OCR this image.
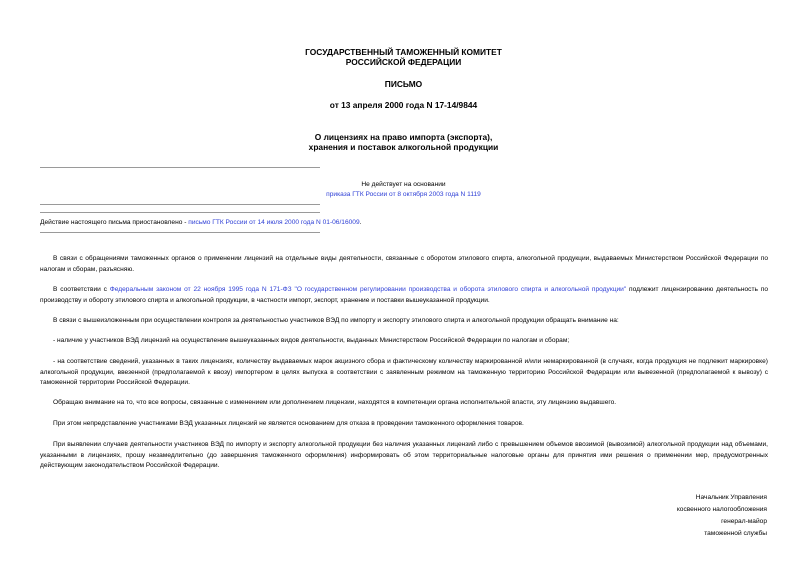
ГОСУДАРСТВЕННЫЙ ТАМОЖЕННЫЙ КОМИТЕТ
РОССИЙСКОЙ ФЕДЕРАЦИИ
ПИСЬМО
от 13 апреля 2000 года N 17-14/9844
О лицензиях на право импорта (экспорта),
хранения и поставок алкогольной продукции
Не действует на основании
приказа ГТК России от 8 октября 2003 года N 1119
Действие настоящего письма приостановлено - письмо ГТК России от 14 июля 2000 года N 01-06/16009.
В связи с обращениями таможенных органов о применении лицензий на отдельные виды деятельности, связанные с оборотом этилового спирта, алкогольной продукции, выдаваемых Министерством Российской Федерации по налогам и сборам, разъясняю.
В соответствии с Федеральным законом от 22 ноября 1995 года N 171-ФЗ "О государственном регулировании производства и оборота этилового спирта и алкогольной продукции" подлежит лицензированию деятельность по производству и обороту этилового спирта и алкогольной продукции, в частности импорт, экспорт, хранение и поставки вышеуказанной продукции.
В связи с вышеизложенным при осуществлении контроля за деятельностью участников ВЭД по импорту и экспорту этилового спирта и алкогольной продукции обращать внимание на:
- наличие у участников ВЭД лицензий на осуществление вышеуказанных видов деятельности, выданных Министерством Российской Федерации по налогам и сборам;
- на соответствие сведений, указанных в таких лицензиях, количеству выдаваемых марок акцизного сбора и фактическому количеству маркированной и/или немаркированной (в случаях, когда продукция не подлежит маркировке) алкогольной продукции, ввезенной (предполагаемой к ввозу) импортером в целях выпуска в соответствии с заявленным режимом на таможенную территорию Российской Федерации или вывезенной (предполагаемой к вывозу) с таможенной территории Российской Федерации.
Обращаю внимание на то, что все вопросы, связанные с изменением или дополнением лицензии, находятся в компетенции органа исполнительной власти, эту лицензию выдавшего.
При этом непредставление участниками ВЭД указанных лицензий не является основанием для отказа в проведении таможенного оформления товаров.
При выявлении случаев деятельности участников ВЭД по импорту и экспорту алкогольной продукции без наличия указанных лицензий либо с превышением объемов ввозимой (вывозимой) алкогольной продукции над объемами, указанными в лицензиях, прошу незамедлительно (до завершения таможенного оформления) информировать об этом территориальные налоговые органы для принятия ими решения о применении мер, предусмотренных действующим законодательством Российской Федерации.
Начальник Управления
косвенного налогообложения
генерал-майор
таможенной службы
